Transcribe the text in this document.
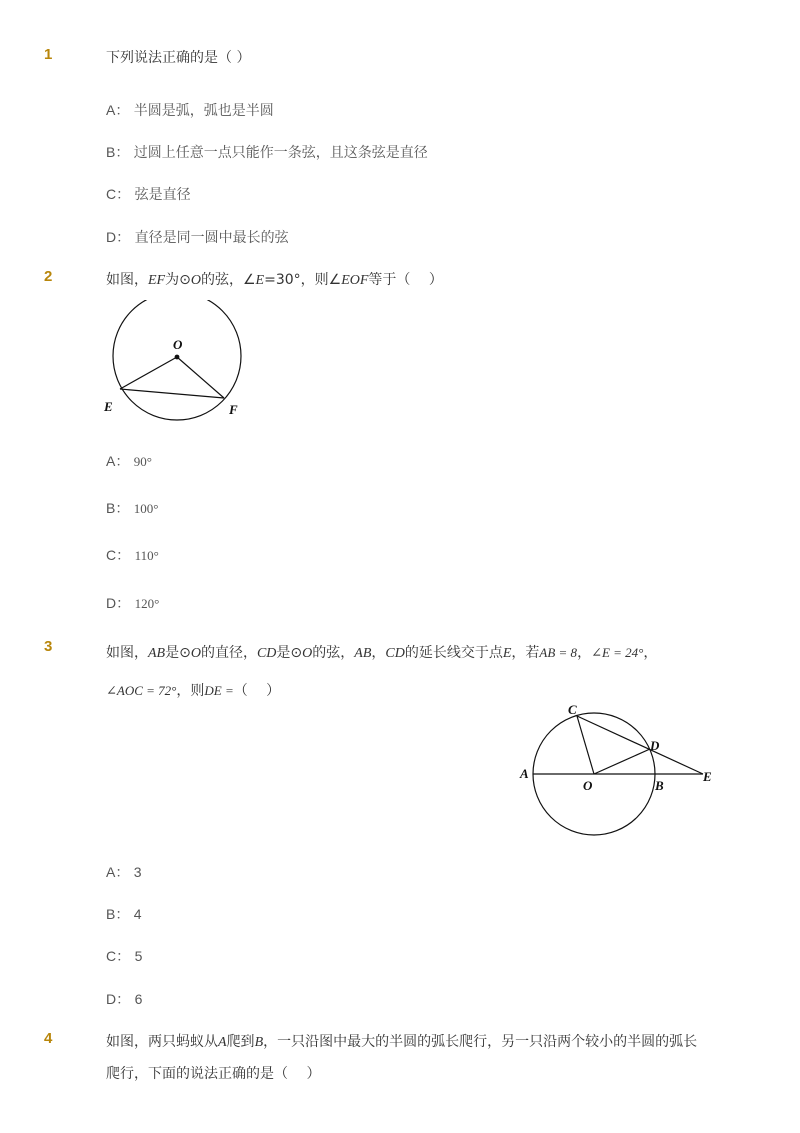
1	下列说法正确的是（ ）
A： 半圆是弧，弧也是半圆
B： 过圆上任意一点只能作一条弦，且这条弦是直径
C： 弦是直径
D： 直径是同一圆中最长的弦
2	如图，EF为⊙O的弦，∠E=30°，则∠EOF等于（　 ）
O
E	F
A： 90°
B： 100°
C： 110°
D： 120°
3	如图，AB是⊙O的直径，CD是⊙O的弦，AB，CD的延长线交于点E，若AB = 8，∠E = 24°，
∠AOC = 72°，则DE =（　 ）
C
D
A
O	B
E
A： 3
B： 4
C： 5
D： 6
4	如图，两只蚂蚁从A爬到B，一只沿图中最大的半圆的弧长爬行，另一只沿两个较小的半圆的弧长
爬行，下面的说法正确的是（　 ）
